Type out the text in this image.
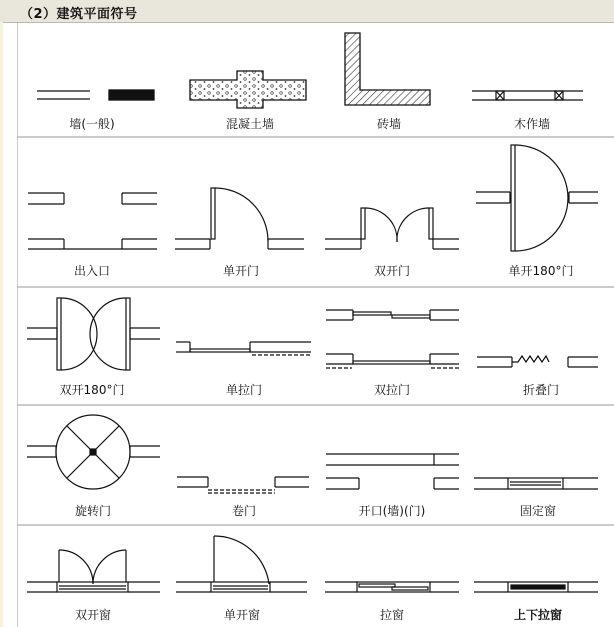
（2）建筑平面符号
墙(一般)	混凝土墙	砖墙	木作墙
出入口	单开门	双开门	单开180°门
双开180°门	单拉门	双拉门	折叠门
旋转门	卷门	开口(墙)(门)	固定窗
双开窗	单开窗	拉窗	上下拉窗
